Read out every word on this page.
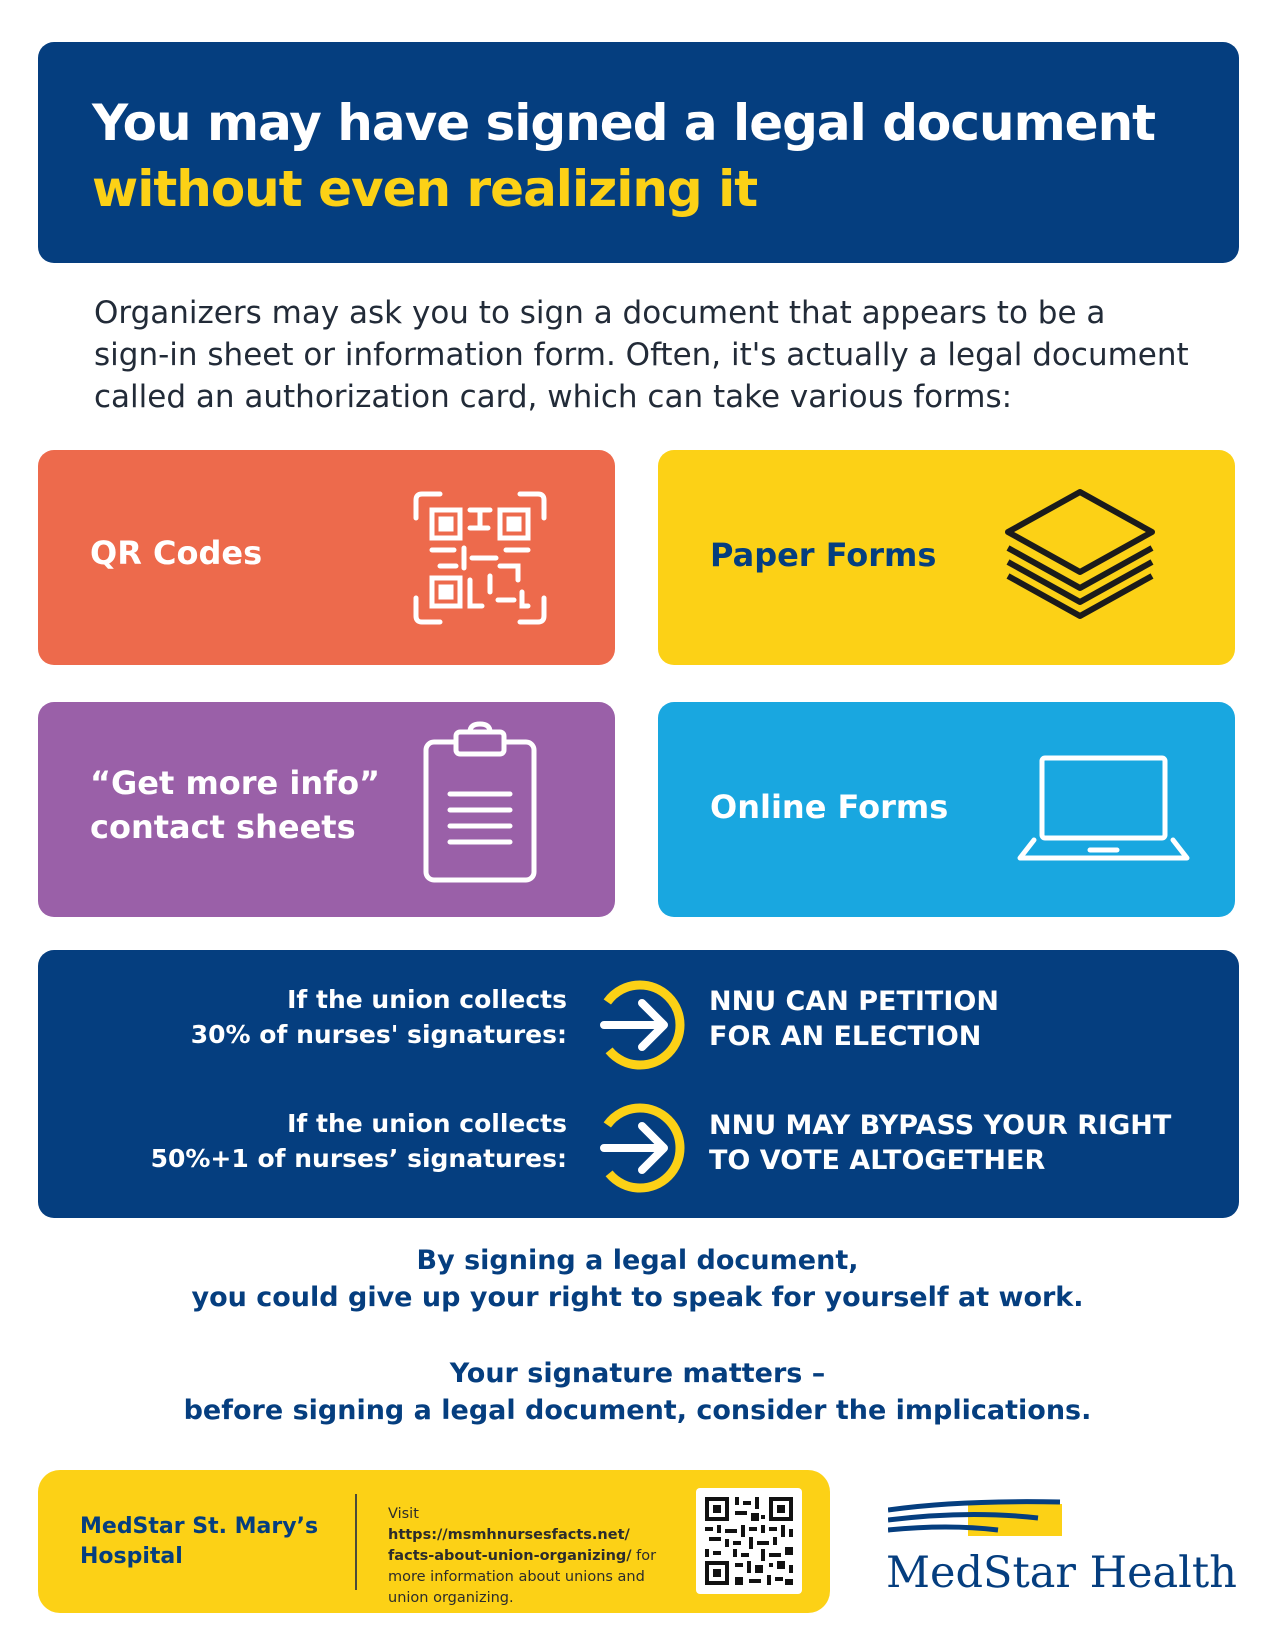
You may have signed a legal document
without even realizing it
Organizers may ask you to sign a document that appears to be a
sign-in sheet or information form. Often, it's actually a legal document
called an authorization card, which can take various forms:
QR Codes	Paper Forms
“Get more info”
contact sheets
Online Forms
If the union collects
30% of nurses' signatures:
NNU CAN PETITION
FOR AN ELECTION
If the union collects
50%+1 of nurses’ signatures:
NNU MAY BYPASS YOUR RIGHT
TO VOTE ALTOGETHER
By signing a legal document,
you could give up your right to speak for yourself at work.
Your signature matters –
before signing a legal document, consider the implications.
MedStar St. Mary’s
Hospital
Visit https://msmhnursesfacts.net/
facts-about-union-organizing/ for
more information about unions and
union organizing.	MedStar Health
